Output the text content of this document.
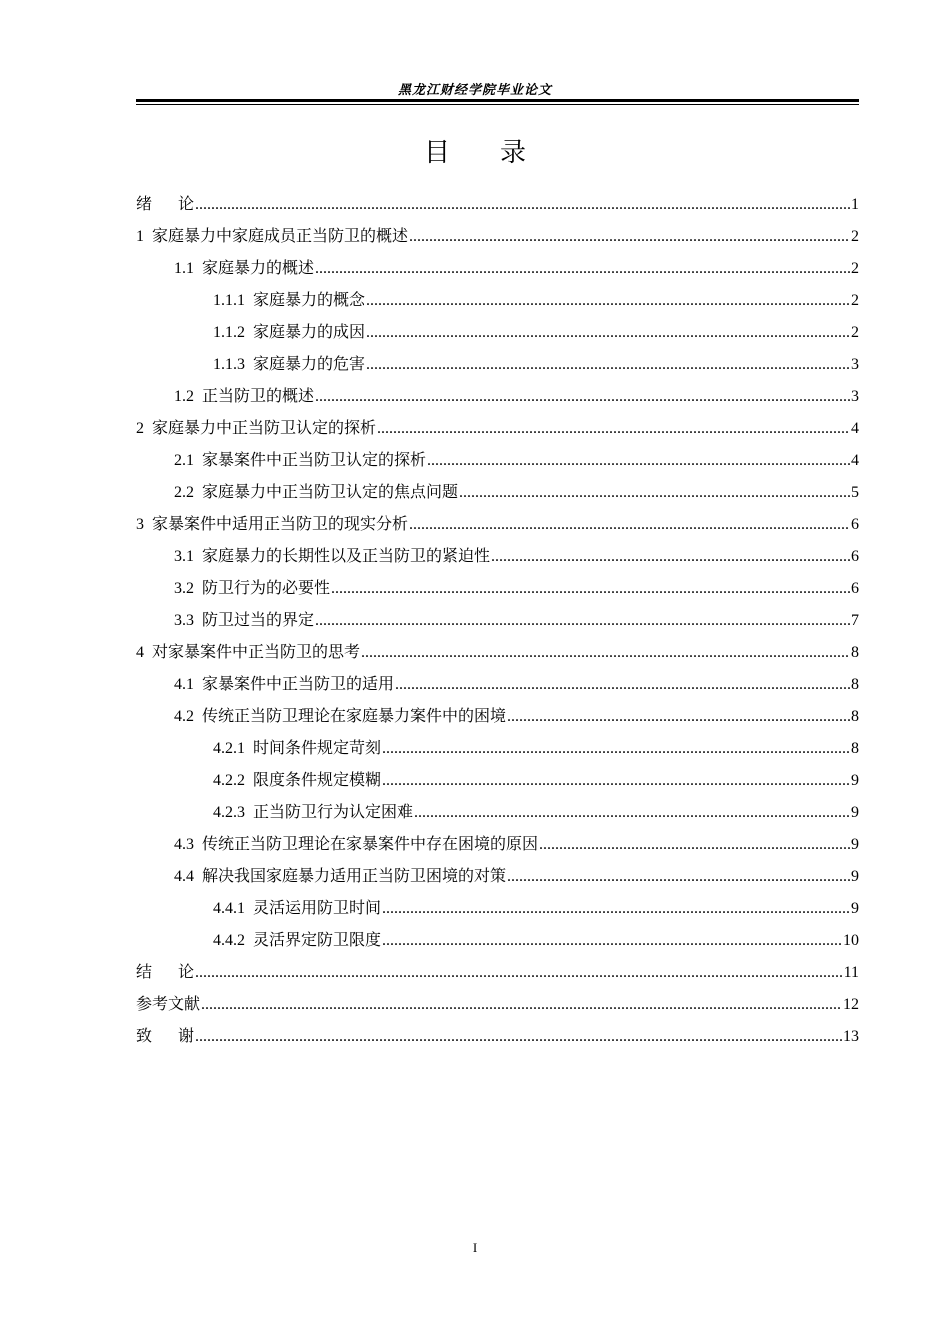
黑龙江财经学院毕业论文
目 录
绪论 .....	1
1 家庭暴力中家庭成员正当防卫的概述 .....	2
1.1 家庭暴力的概述 .....	2
1.1.1 家庭暴力的概念 .....	2
1.1.2 家庭暴力的成因 .....	2
1.1.3 家庭暴力的危害 .....	3
1.2 正当防卫的概述 .....	3
2 家庭暴力中正当防卫认定的探析 .....	4
2.1 家暴案件中正当防卫认定的探析 .....	4
2.2 家庭暴力中正当防卫认定的焦点问题 .....	5
3 家暴案件中适用正当防卫的现实分析 .....	6
3.1 家庭暴力的长期性以及正当防卫的紧迫性 .....	6
3.2 防卫行为的必要性 .....	6
3.3 防卫过当的界定 .....	7
4 对家暴案件中正当防卫的思考 .....	8
4.1 家暴案件中正当防卫的适用 .....	8
4.2 传统正当防卫理论在家庭暴力案件中的困境 .....	8
4.2.1 时间条件规定苛刻 .....	8
4.2.2 限度条件规定模糊 .....	9
4.2.3 正当防卫行为认定困难 .....	9
4.3 传统正当防卫理论在家暴案件中存在困境的原因 .....	9
4.4 解决我国家庭暴力适用正当防卫困境的对策 .....	9
4.4.1 灵活运用防卫时间 .....	9
4.4.2 灵活界定防卫限度 .....	10
结论 .....	11
参考文献 .....	12
致谢 .....	13
I
